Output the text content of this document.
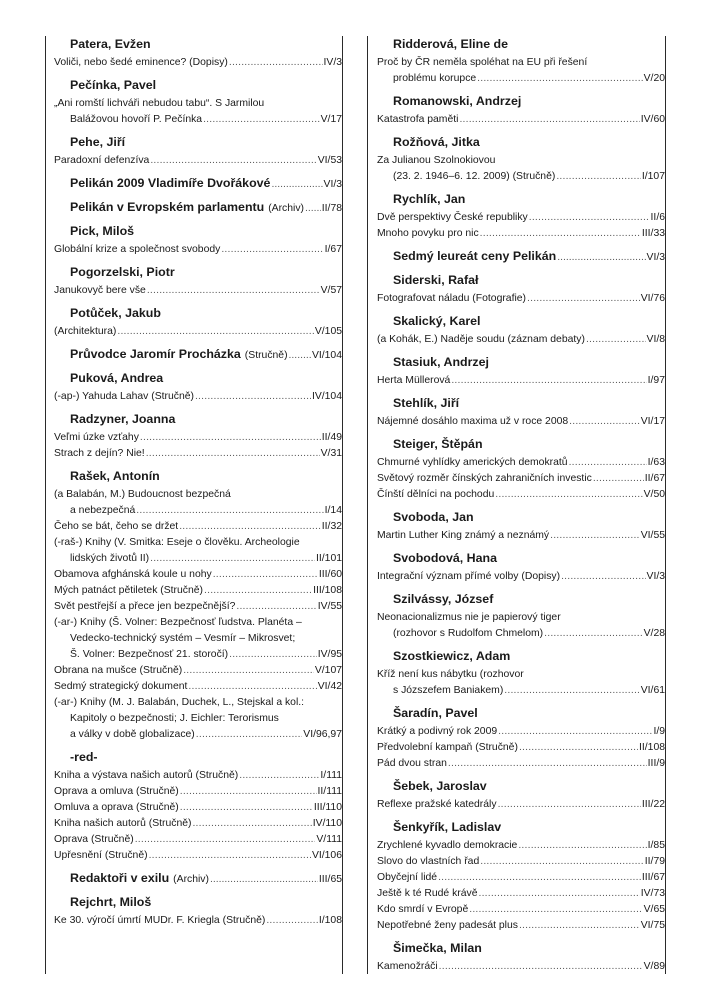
Patera, Evžen
Voliči, nebo šedé eminence? (Dopisy) .....	IV/3
Pečínka, Pavel
„Ani romští lichváři nebudou tabu“. S Jarmilou
Balážovou hovoří P. Pečínka .....	V/17
Pehe, Jiří
Paradoxní defenzíva .....	VI/53
Pelikán 2009 Vladimíře Dvořákové .....	VI/3
Pelikán v Evropském parlamentu (Archiv) ..... II/78
Pick, Miloš
Globální krize a společnost svobody .....	I/67
Pogorzelski, Piotr
Janukovyč bere vše .....	V/57
Potůček, Jakub
(Architektura) .....	V/105
Průvodce Jaromír Procházka (Stručně) ..... VI/104
Puková, Andrea
(-ap-) Yahuda Lahav (Stručně) .....	IV/104
Radzyner, Joanna
Veľmi úzke vzťahy .....	II/49
Strach z dejín? Nie! .....	V/31
Rašek, Antonín
(a Balabán, M.) Budoucnost bezpečná
a nebezpečná .....	I/14
Čeho se bát, čeho se držet .....	II/32
(-raš-) Knihy (V. Smitka: Eseje o člověku. Archeologie
lidských životů II) .....	II/101
Obamova afghánská koule u nohy .....	III/60
Mých patnáct pětiletek (Stručně) .....	III/108
Svět pestřejší a přece jen bezpečnější? .....	IV/55
(-ar-) Knihy (Š. Volner: Bezpečnosť ľudstva. Planéta –
Vedecko-technický systém – Vesmír – Mikrosvet;
Š. Volner: Bezpečnosť 21. storočí) .....	IV/95
Obrana na mušce (Stručně) .....	V/107
Sedmý strategický dokument .....	VI/42
(-ar-) Knihy (M. J. Balabán, Duchek, L., Stejskal a kol.:
Kapitoly o bezpečnosti; J. Eichler: Terorismus
a války v době globalizace) .....	VI/96,97
-red-
Kniha a výstava našich autorů (Stručně) .....	I/111
Oprava a omluva (Stručně) .....	II/111
Omluva a oprava (Stručně) .....	III/110
Kniha našich autorů (Stručně) .....	IV/110
Oprava (Stručně) .....	V/111
Upřesnění (Stručně) .....	VI/106
Redaktoři v exilu (Archiv) .....	III/65
Rejchrt, Miloš
Ke 30. výročí úmrtí MUDr. F. Kriegla (Stručně) .....	I/108
Ridderová, Eline de
Proč by ČR neměla spoléhat na EU při řešení
problému korupce .....	V/20
Romanowski, Andrzej
Katastrofa paměti .....	IV/60
Rožňová, Jitka
Za Julianou Szolnokiovou
(23. 2. 1946–6. 12. 2009) (Stručně) .....	I/107
Rychlík, Jan
Dvě perspektivy České republiky .....	II/6
Mnoho povyku pro nic .....	III/33
Sedmý leureát ceny Pelikán .....	VI/3
Siderski, Rafał
Fotografovat náladu (Fotografie) .....	VI/76
Skalický, Karel
(a Kohák, E.) Naděje soudu (záznam debaty) .....	VI/8
Stasiuk, Andrzej
Herta Müllerová .....	I/97
Stehlík, Jiří
Nájemné dosáhlo maxima už v roce 2008 .....	VI/17
Steiger, Štěpán
Chmurné vyhlídky amerických demokratů .....	I/63
Světový rozměr čínských zahraničních investic .....	II/67
Čínští dělníci na pochodu .....	V/50
Svoboda, Jan
Martin Luther King známý a neznámý .....	VI/55
Svobodová, Hana
Integrační význam přímé volby (Dopisy) .....	VI/3
Szilvássy, József
Neonacionalizmus nie je papierový tiger
(rozhovor s Rudolfom Chmelom) .....	V/28
Szostkiewicz, Adam
Kříž není kus nábytku (rozhovor
s Józszefem Baniakem) .....	VI/61
Šaradín, Pavel
Krátký a podivný rok 2009 .....	I/9
Předvolební kampaň (Stručně) .....	II/108
Pád dvou stran .....	III/9
Šebek, Jaroslav
Reflexe pražské katedrály .....	III/22
Šenkyřík, Ladislav
Zrychlené kyvadlo demokracie .....	I/85
Slovo do vlastních řad .....	II/79
Obyčejní lidé .....	III/67
Ještě k té Rudé krávě .....	IV/73
Kdo smrdí v Evropě .....	V/65
Nepotřebné ženy padesát plus .....	VI/75
Šimečka, Milan
Kamenožráči .....	V/89
